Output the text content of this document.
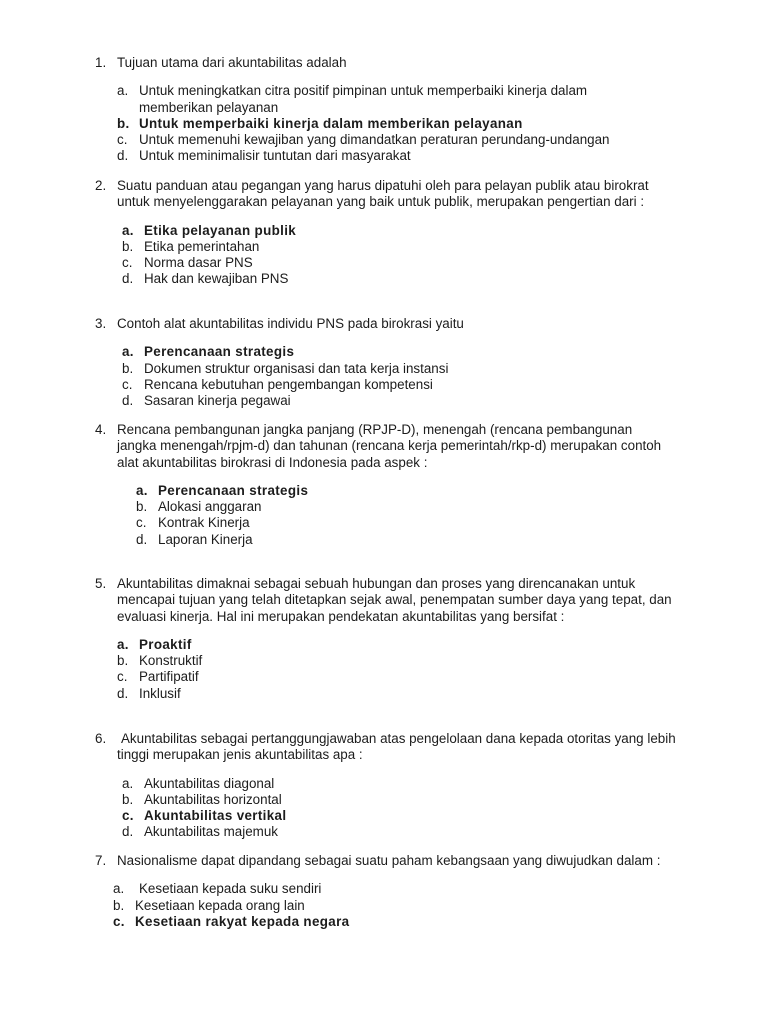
1. Tujuan utama dari akuntabilitas adalah
a. Untuk meningkatkan citra positif pimpinan untuk memperbaiki kinerja dalam memberikan pelayanan
b. Untuk memperbaiki kinerja dalam memberikan pelayanan
c. Untuk memenuhi kewajiban yang dimandatkan peraturan perundang-undangan
d. Untuk meminimalisir tuntutan dari masyarakat
2. Suatu panduan atau pegangan yang harus dipatuhi oleh para pelayan publik atau birokrat untuk menyelenggarakan pelayanan yang baik untuk publik, merupakan pengertian dari :
a. Etika pelayanan publik
b. Etika pemerintahan
c. Norma dasar PNS
d. Hak dan kewajiban PNS
3. Contoh alat akuntabilitas individu PNS pada birokrasi yaitu
a. Perencanaan strategis
b. Dokumen struktur organisasi dan tata kerja instansi
c. Rencana kebutuhan pengembangan kompetensi
d. Sasaran kinerja pegawai
4. Rencana pembangunan jangka panjang (RPJP-D), menengah (rencana pembangunan jangka menengah/rpjm-d) dan tahunan (rencana kerja pemerintah/rkp-d) merupakan contoh alat akuntabilitas birokrasi di Indonesia pada aspek :
a. Perencanaan strategis
b. Alokasi anggaran
c. Kontrak Kinerja
d. Laporan Kinerja
5. Akuntabilitas dimaknai sebagai sebuah hubungan dan proses yang direncanakan untuk mencapai tujuan yang telah ditetapkan sejak awal, penempatan sumber daya yang tepat, dan evaluasi kinerja. Hal ini merupakan pendekatan akuntabilitas yang bersifat :
a. Proaktif
b. Konstruktif
c. Partifipatif
d. Inklusif
6.	Akuntabilitas sebagai pertanggungjawaban atas pengelolaan dana kepada otoritas yang lebih tinggi merupakan jenis akuntabilitas apa :
a. Akuntabilitas diagonal
b. Akuntabilitas horizontal
c. Akuntabilitas vertikal
d. Akuntabilitas majemuk
7. Nasionalisme dapat dipandang sebagai suatu paham kebangsaan yang diwujudkan dalam :
a. Kesetiaan kepada suku sendiri
b. Kesetiaan kepada orang lain
c. Kesetiaan rakyat kepada negara
